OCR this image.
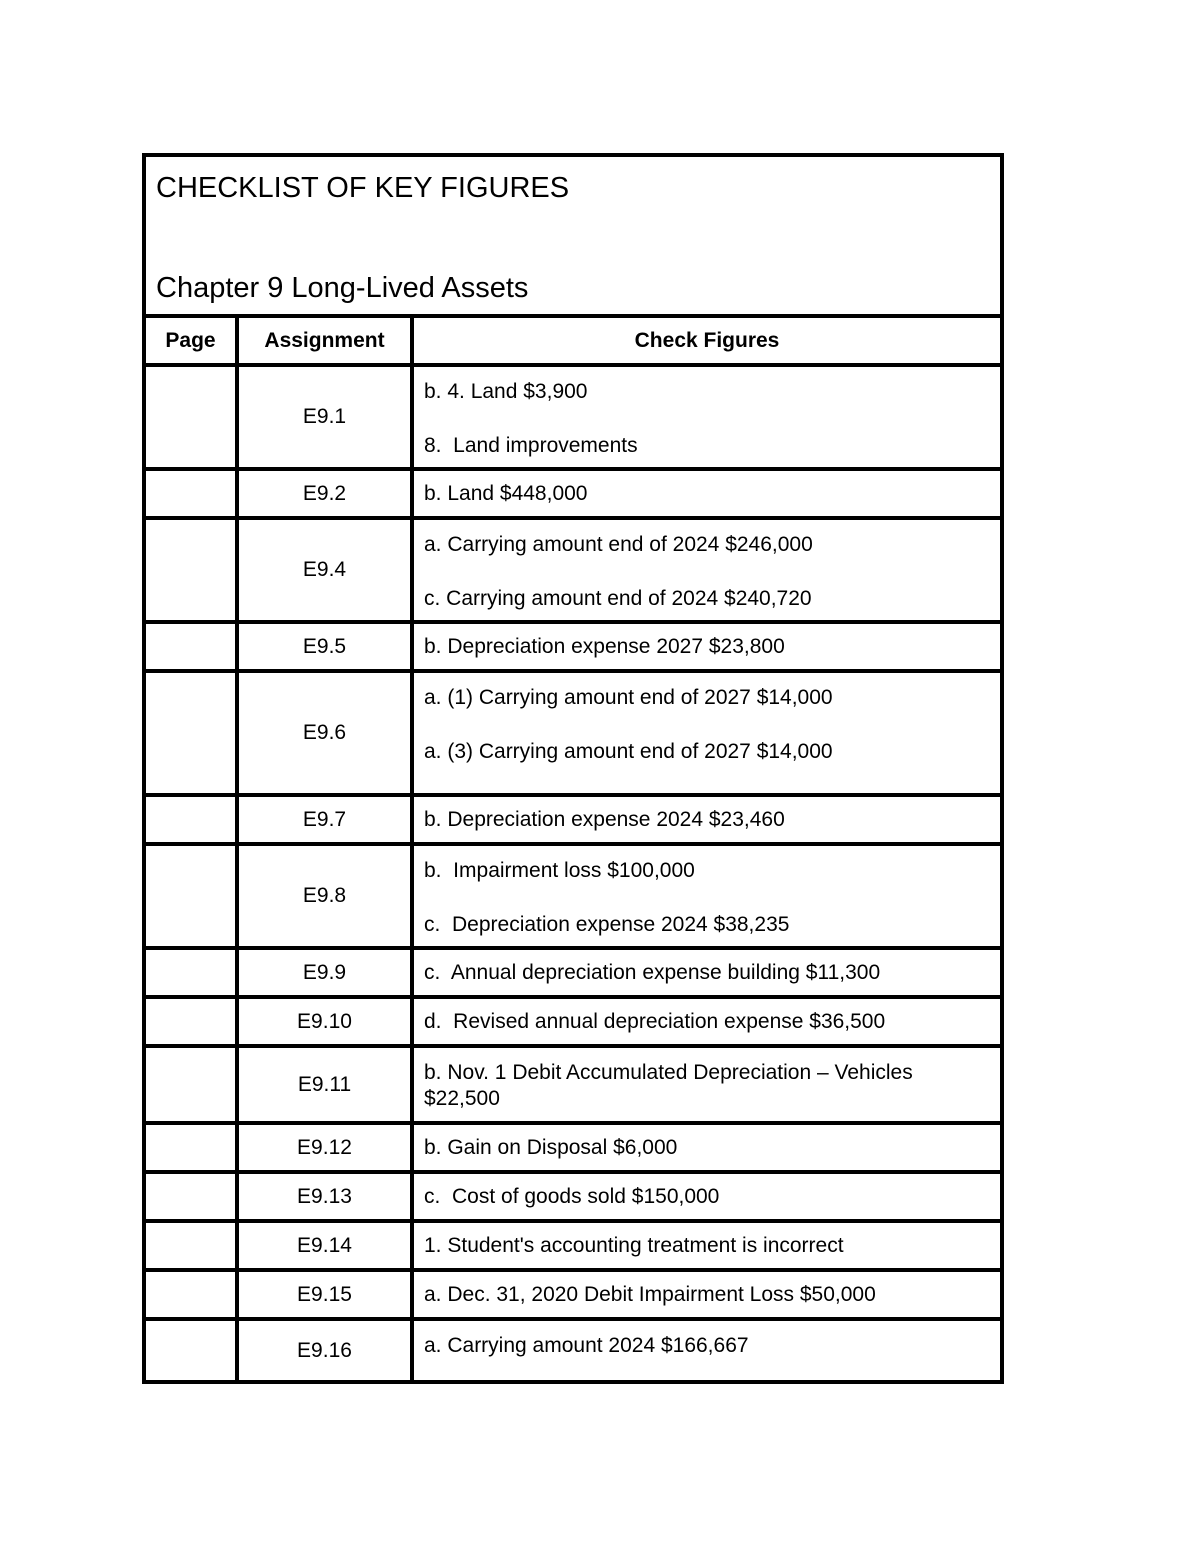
CHECKLIST OF KEY FIGURES
Chapter 9 Long-Lived Assets		

Page	Assignment	Check Figures
	E9.1	b. 4. Land $3,900
8.  Land improvements

	E9.2	b. Land $448,000

	E9.4	a. Carrying amount end of 2024 $246,000
c. Carrying amount end of 2024 $240,720

	E9.5	b. Depreciation expense 2027 $23,800

	E9.6	a. (1) Carrying amount end of 2027 $14,000
a. (3) Carrying amount end of 2027 $14,000

	E9.7	b. Depreciation expense 2024 $23,460

	E9.8	b.  Impairment loss $100,000
c.  Depreciation expense 2024 $38,235

	E9.9	c.  Annual depreciation expense building $11,300

	E9.10	d.  Revised annual depreciation expense $36,500

	E9.11	b. Nov. 1 Debit Accumulated Depreciation – Vehicles $22,500

	E9.12	b. Gain on Disposal $6,000

	E9.13	c.  Cost of goods sold $150,000

	E9.14	1. Student's accounting treatment is incorrect

	E9.15	a. Dec. 31, 2020 Debit Impairment Loss $50,000

	E9.16	a. Carrying amount 2024 $166,667
